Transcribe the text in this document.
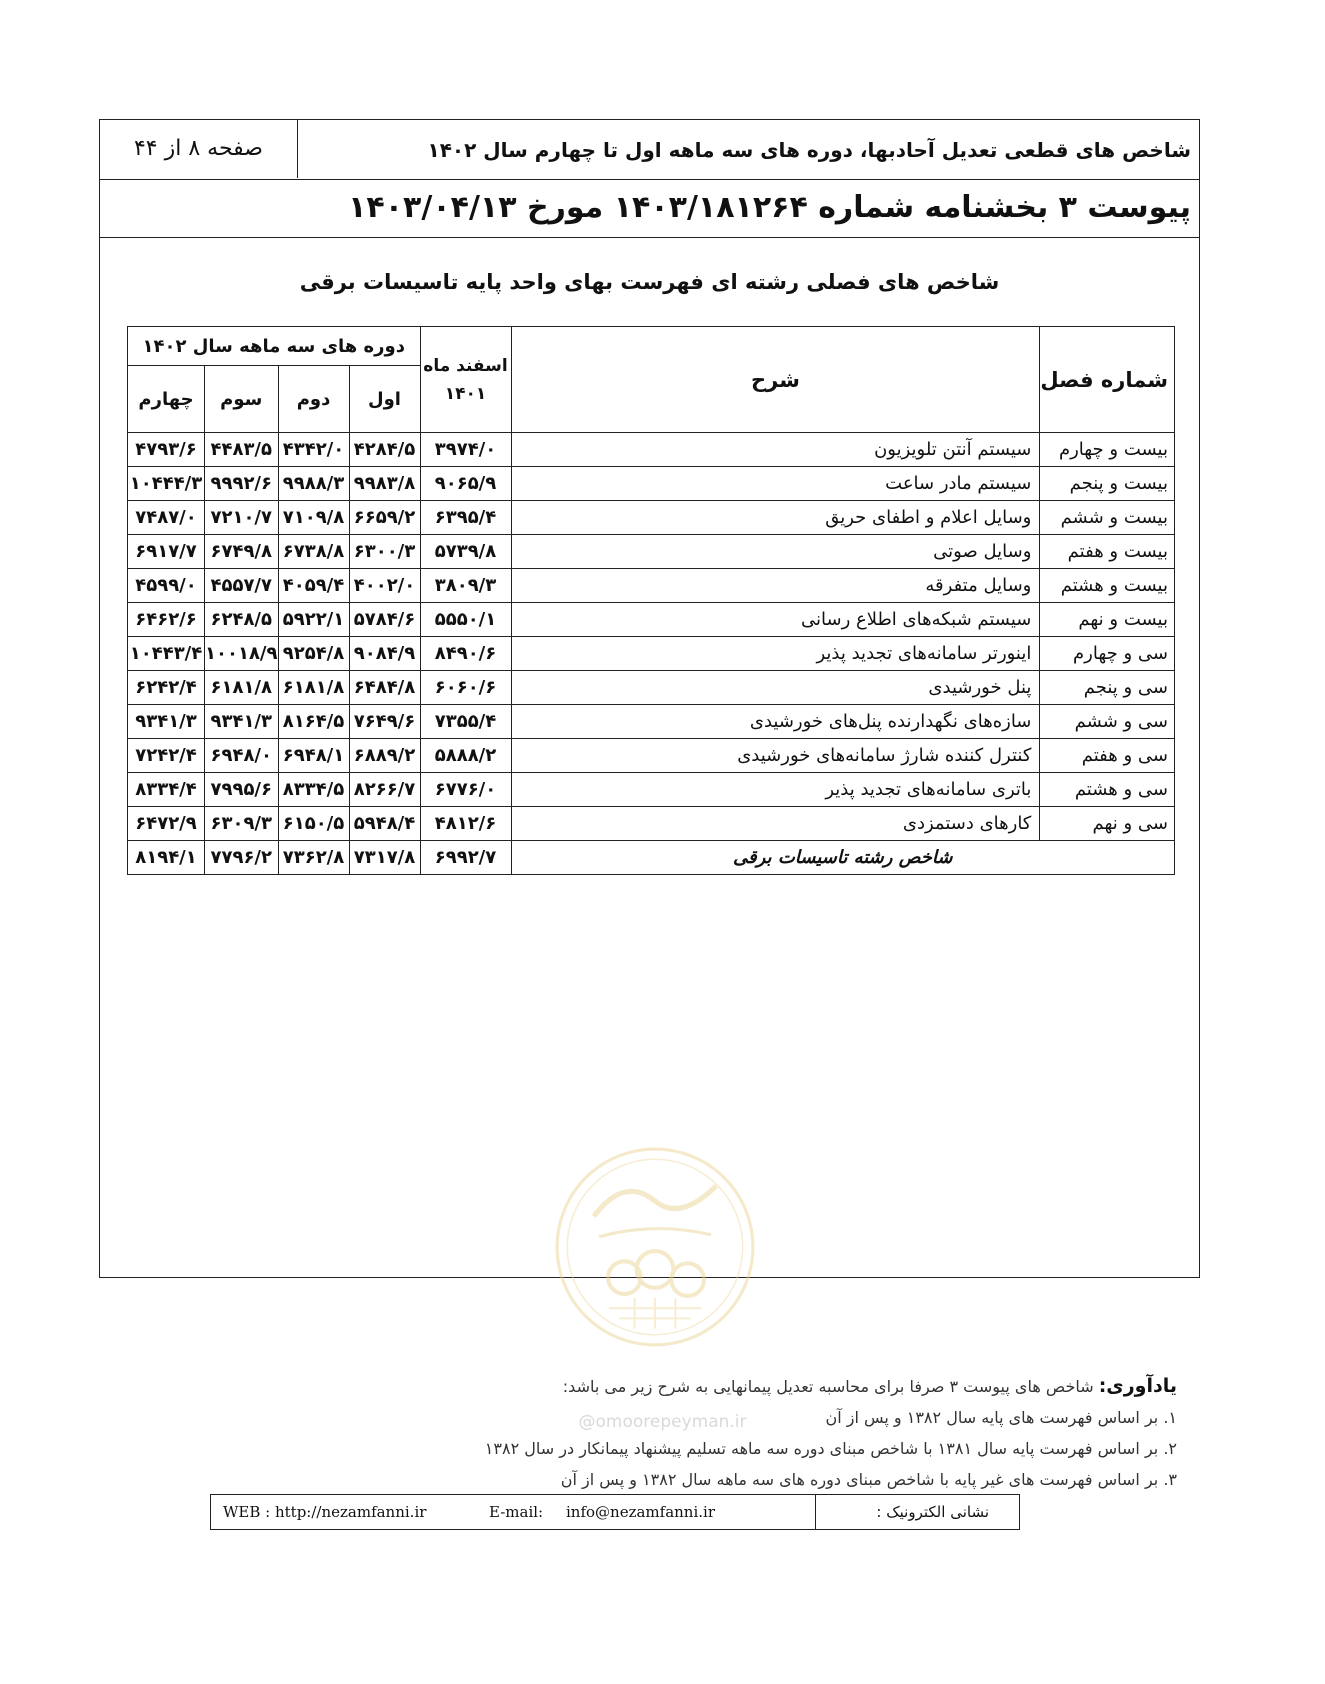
شاخص های قطعی تعدیل آحادبها، دوره های سه ماهه اول تا چهارم سال ۱۴۰۲
صفحه ۸ از ۴۴
پیوست ۳ بخشنامه شماره ۱۴۰۳/۱۸۱۲۶۴ مورخ ۱۴۰۳/۰۴/۱۳
شاخص های فصلی رشته ای فهرست بهای واحد پایه تاسیسات برقی
شماره فصل	شرح	اسفند ماه
۱۴۰۱	دوره های سه ماهه سال ۱۴۰۲			
			اول	دوم	سوم	چهارم
بیست و چهارم	سیستم آنتن تلویزیون	۳۹۷۴/۰	۴۲۸۴/۵	۴۳۴۲/۰	۴۴۸۳/۵	۴۷۹۳/۶
بیست و پنجم	سیستم مادر ساعت	۹۰۶۵/۹	۹۹۸۳/۸	۹۹۸۸/۳	۹۹۹۲/۶	۱۰۴۴۴/۳
بیست و ششم	وسایل اعلام و اطفای حریق	۶۳۹۵/۴	۶۶۵۹/۲	۷۱۰۹/۸	۷۲۱۰/۷	۷۴۸۷/۰
بیست و هفتم	وسایل صوتی	۵۷۳۹/۸	۶۳۰۰/۳	۶۷۳۸/۸	۶۷۴۹/۸	۶۹۱۷/۷
بیست و هشتم	وسایل متفرقه	۳۸۰۹/۳	۴۰۰۲/۰	۴۰۵۹/۴	۴۵۵۷/۷	۴۵۹۹/۰
بیست و نهم	سیستم شبکه‌های اطلاع رسانی	۵۵۵۰/۱	۵۷۸۴/۶	۵۹۲۲/۱	۶۲۴۸/۵	۶۴۶۲/۶
سی و چهارم	اینورتر سامانه‌های تجدید پذیر	۸۴۹۰/۶	۹۰۸۴/۹	۹۲۵۴/۸	۱۰۰۱۸/۹	۱۰۴۴۳/۴
سی و پنجم	پنل خورشیدی	۶۰۶۰/۶	۶۴۸۴/۸	۶۱۸۱/۸	۶۱۸۱/۸	۶۲۴۲/۴
سی و ششم	سازه‌های نگهدارنده پنل‌های خورشیدی	۷۳۵۵/۴	۷۶۴۹/۶	۸۱۶۴/۵	۹۳۴۱/۳	۹۳۴۱/۳
سی و هفتم	کنترل کننده شارژ سامانه‌های خورشیدی	۵۸۸۸/۲	۶۸۸۹/۲	۶۹۴۸/۱	۶۹۴۸/۰	۷۲۴۲/۴
سی و هشتم	باتری سامانه‌های تجدید پذیر	۶۷۷۶/۰	۸۲۶۶/۷	۸۳۳۴/۵	۷۹۹۵/۶	۸۳۳۴/۴
سی و نهم	کارهای دستمزدی	۴۸۱۲/۶	۵۹۴۸/۴	۶۱۵۰/۵	۶۳۰۹/۳	۶۴۷۲/۹
شاخص رشته تاسیسات برقی		۶۹۹۲/۷	۷۳۱۷/۸	۷۳۶۲/۸	۷۷۹۶/۲	۸۱۹۴/۱
@omoorepeyman.ir
یادآوری: شاخص های پیوست ۳ صرفا برای محاسبه تعدیل پیمانهایی به شرح زیر می باشد:
۱. بر اساس فهرست های پایه سال ۱۳۸۲ و پس از آن
۲. بر اساس فهرست پایه سال ۱۳۸۱ با شاخص مبنای دوره سه ماهه تسلیم پیشنهاد پیمانکار در سال ۱۳۸۲
۳. بر اساس فهرست های غیر پایه با شاخص مبنای دوره های سه ماهه سال ۱۳۸۲ و پس از آن
WEB : http://nezamfanni.ir	E-mail: info@nezamfanni.ir	نشانی الکترونیک :
